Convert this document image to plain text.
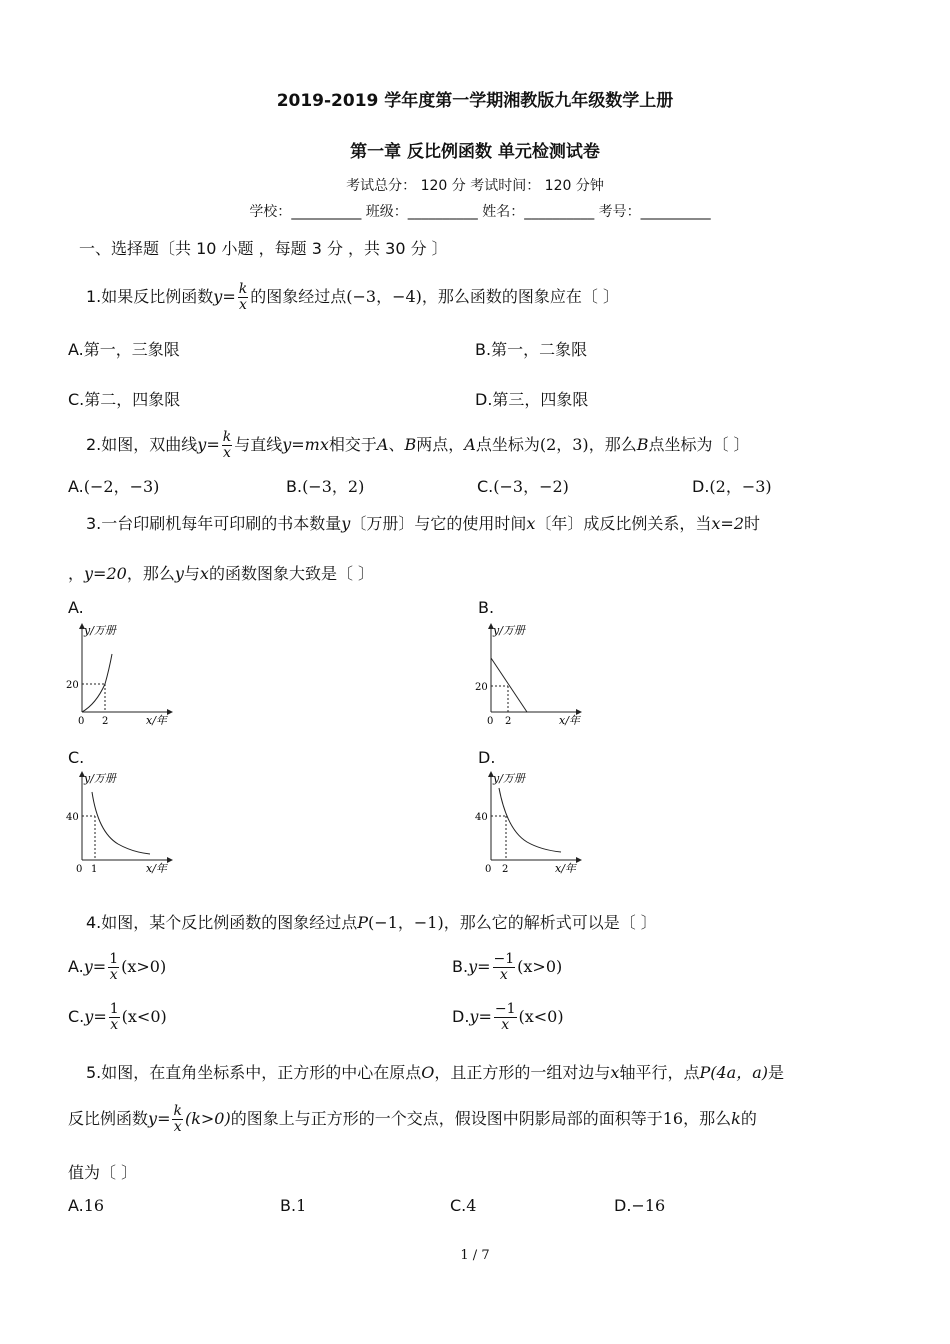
2019-2019 学年度第一学期湘教版九年级数学上册
第一章 反比例函数 单元检测试卷
考试总分： 120 分 考试时间： 120 分钟
学校：__________ 班级：__________ 姓名：__________ 考号：__________
一、选择题〔共 10 小题 ，每题 3 分 ，共 30 分 〕
1.如果反比例函数$y= \frac{k}{x}$ 的图象经过点(−3，−4)，那么函数的图象应在〔 〕
A.第一，三象限	B.第一，二象限
C.第二，四象限	D.第三，四象限
2.如图，双曲线$y= \frac{k}{x}$ 与直线y=mx相交于A、B两点，A点坐标为(2，3)，那么B点坐标为〔 〕
A.(−2，−3)	B.(−3，2)	C.(−3，−2)	D.(2，−3)
3.一台印刷机每年可印刷的书本数量y〔万册〕与它的使用时间x〔年〕成反比例关系，当x=2时
，y=20，那么y与x的函数图象大致是〔 〕
A.
y/万册
20
2
0	x/年
B.
y/万册
20
2
0	x/年
C.
y/万册
40
1
0	x/年
D.
y/万册
40
2
0	x/年
4.如图，某个反比例函数的图象经过点P(−1，−1)，那么它的解析式可以是〔 〕
$A.y= \frac{1}{x} (x>0)$	$B.y= \frac{-1}{x} (x>0)$
$C.y= \frac{1}{x} (x<0)$	$D.y= \frac{-1}{x} (x<0)$
5.如图，在直角坐标系中，正方形的中心在原点O，且正方形的一组对边与x轴平行，点P(4a，a)是
反比例函数$y= \frac{k}{x} (k>0)$的图象上与正方形的一个交点，假设图中阴影局部的面积等于16，那么k的
值为〔 〕
A.16	B.1	C.4	D.−16
1 / 7
